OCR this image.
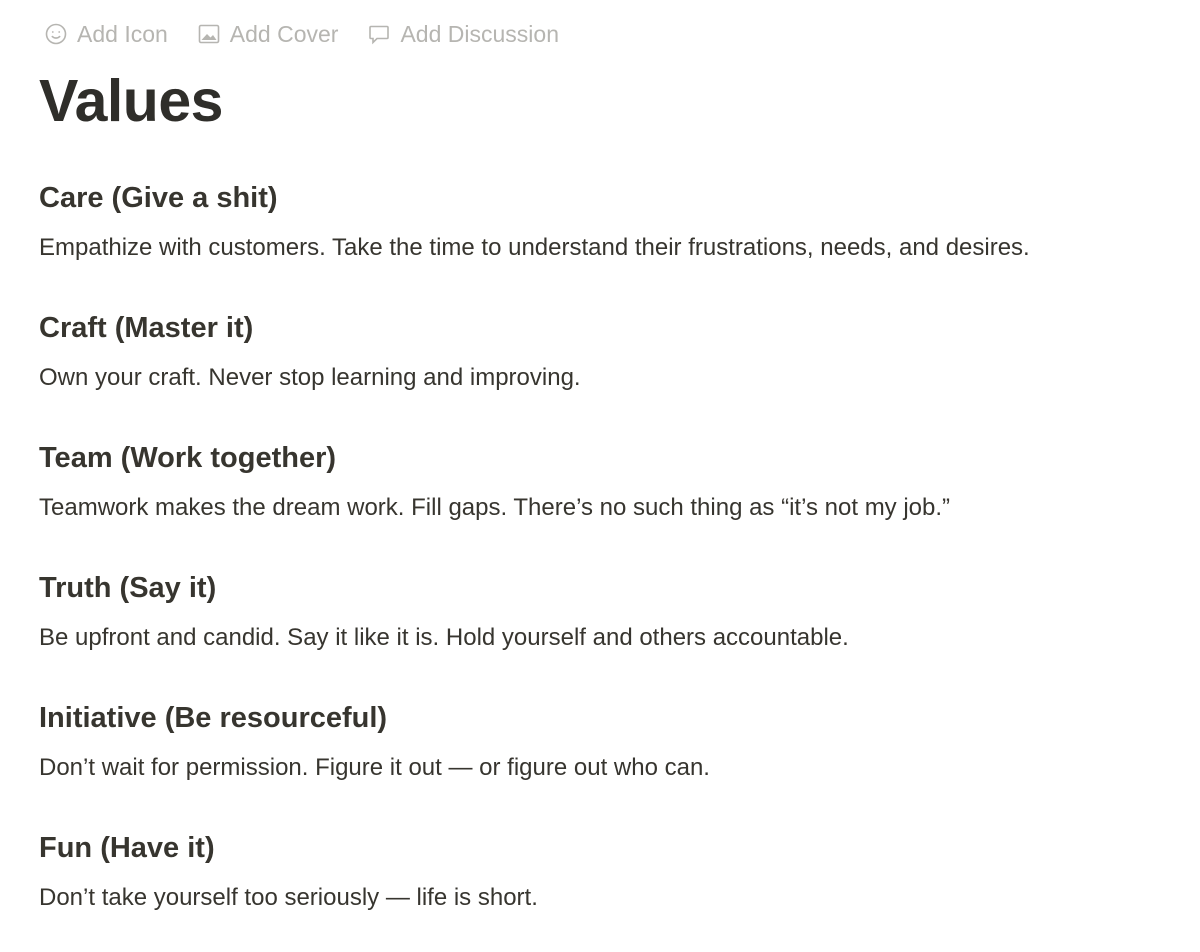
Add Icon	Add Cover	Add Discussion
Values
Care (Give a shit)

Empathize with customers. Take the time to understand their frustrations, needs, and desires.

Craft (Master it)

Own your craft. Never stop learning and improving.

Team (Work together)

Teamwork makes the dream work. Fill gaps. There’s no such thing as “it’s not my job.”

Truth (Say it)

Be upfront and candid. Say it like it is. Hold yourself and others accountable.

Initiative (Be resourceful)

Don’t wait for permission. Figure it out — or figure out who can.

Fun (Have it)

Don’t take yourself too seriously — life is short.
